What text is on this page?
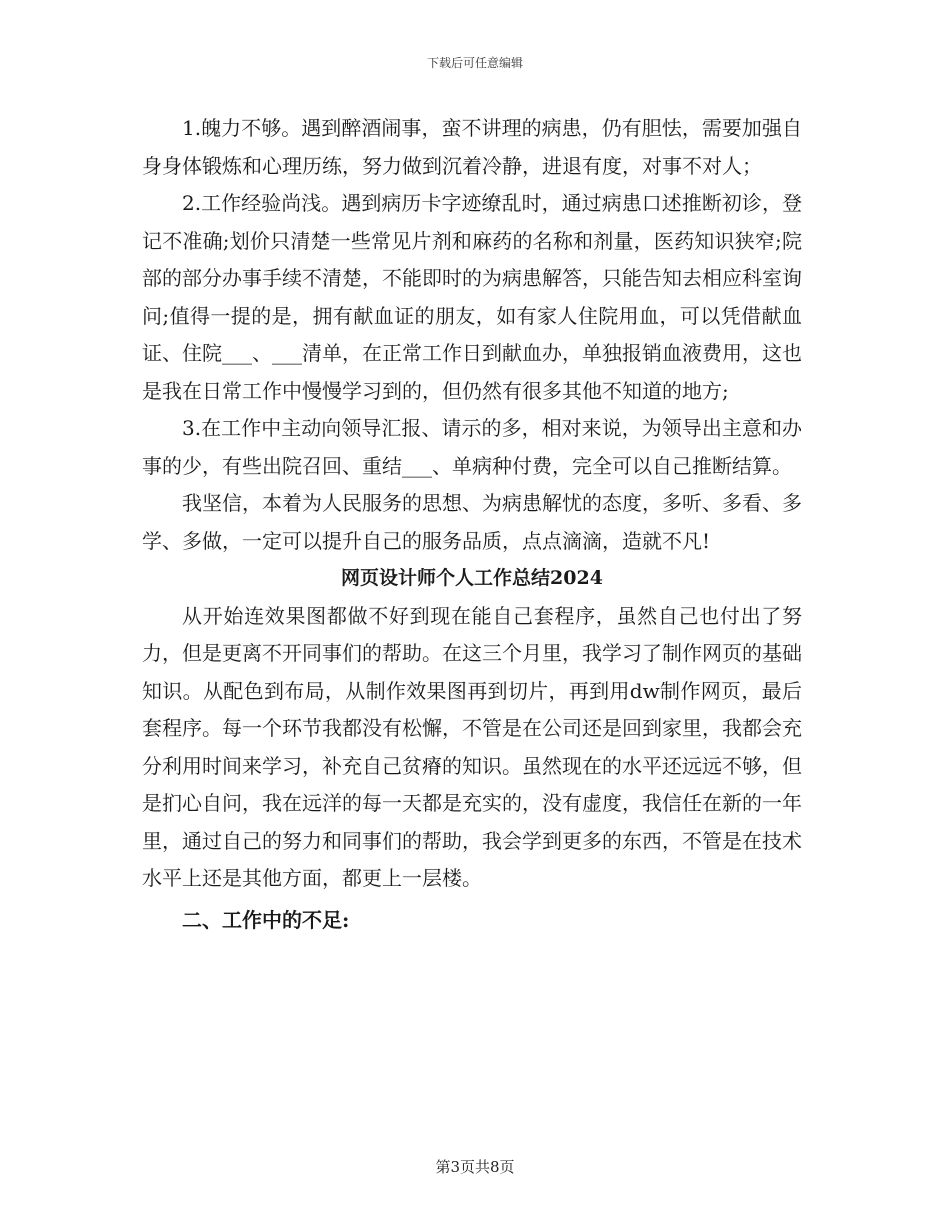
下载后可任意编辑

1.魄力不够。遇到醉酒闹事，蛮不讲理的病患，仍有胆怯，需要加强自身身体锻炼和心理历练，努力做到沉着冷静，进退有度，对事不对人；

2.工作经验尚浅。遇到病历卡字迹缭乱时，通过病患口述推断初诊，登记不准确;划价只清楚一些常见片剂和麻药的名称和剂量，医药知识狭窄;院部的部分办事手续不清楚，不能即时的为病患解答，只能告知去相应科室询问;值得一提的是，拥有献血证的朋友，如有家人住院用血，可以凭借献血证、住院___、___清单，在正常工作日到献血办，单独报销血液费用，这也是我在日常工作中慢慢学习到的，但仍然有很多其他不知道的地方;

3.在工作中主动向领导汇报、请示的多，相对来说，为领导出主意和办事的少，有些出院召回、重结___、单病种付费，完全可以自己推断结算。

我坚信，本着为人民服务的思想、为病患解忧的态度，多听、多看、多学、多做，一定可以提升自己的服务品质，点点滴滴，造就不凡!

网页设计师个人工作总结2024

从开始连效果图都做不好到现在能自己套程序，虽然自己也付出了努力，但是更离不开同事们的帮助。在这三个月里，我学习了制作网页的基础知识。从配色到布局，从制作效果图再到切片，再到用dw制作网页，最后套程序。每一个环节我都没有松懈，不管是在公司还是回到家里，我都会充分利用时间来学习，补充自己贫瘠的知识。虽然现在的水平还远远不够，但是扪心自问，我在远洋的每一天都是充实的，没有虚度，我信任在新的一年里，通过自己的努力和同事们的帮助，我会学到更多的东西，不管是在技术水平上还是其他方面，都更上一层楼。

二、工作中的不足:

第3页共8页
